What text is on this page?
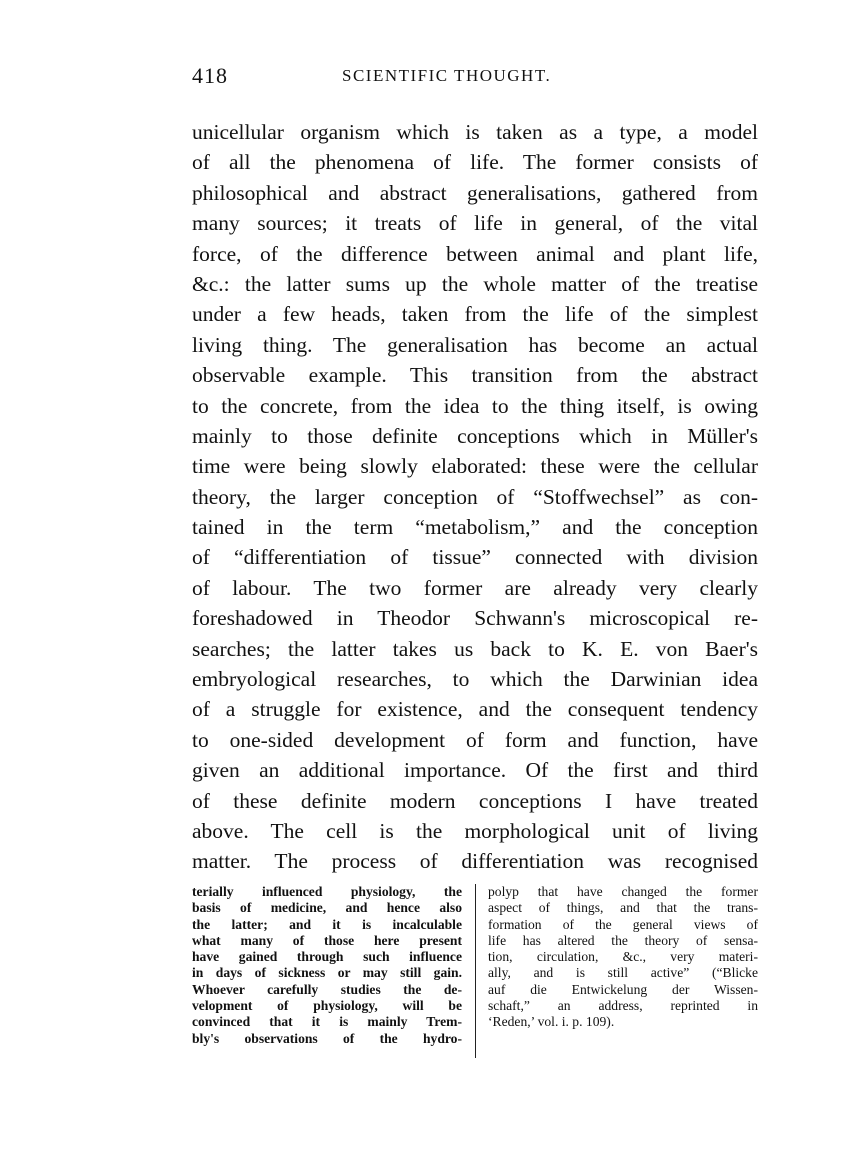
418	SCIENTIFIC THOUGHT.
unicellular organism which is taken as a type, a model
of all the phenomena of life. The former consists of
philosophical and abstract generalisations, gathered from
many sources; it treats of life in general, of the vital
force, of the difference between animal and plant life,
&c.: the latter sums up the whole matter of the treatise
under a few heads, taken from the life of the simplest
living thing. The generalisation has become an actual
observable example. This transition from the abstract
to the concrete, from the idea to the thing itself, is owing
mainly to those definite conceptions which in Müller's
time were being slowly elaborated: these were the cellular
theory, the larger conception of “Stoffwechsel” as con-
tained in the term “metabolism,” and the conception
of “differentiation of tissue” connected with division
of labour. The two former are already very clearly
foreshadowed in Theodor Schwann's microscopical re-
searches; the latter takes us back to K. E. von Baer's
embryological researches, to which the Darwinian idea
of a struggle for existence, and the consequent tendency
to one-sided development of form and function, have
given an additional importance. Of the first and third
of these definite modern conceptions I have treated
above. The cell is the morphological unit of living
matter. The process of differentiation was recognised
terially influenced physiology, the
basis of medicine, and hence also
the latter; and it is incalculable
what many of those here present
have gained through such influence
in days of sickness or may still gain.
Whoever carefully studies the de-
velopment of physiology, will be
convinced that it is mainly Trem-
bly's observations of the hydro-
polyp that have changed the former
aspect of things, and that the trans-
formation of the general views of
life has altered the theory of sensa-
tion, circulation, &c., very materi-
ally, and is still active” (“Blicke
auf die Entwickelung der Wissen-
schaft,” an address, reprinted in
‘Reden,’ vol. i. p. 109).
